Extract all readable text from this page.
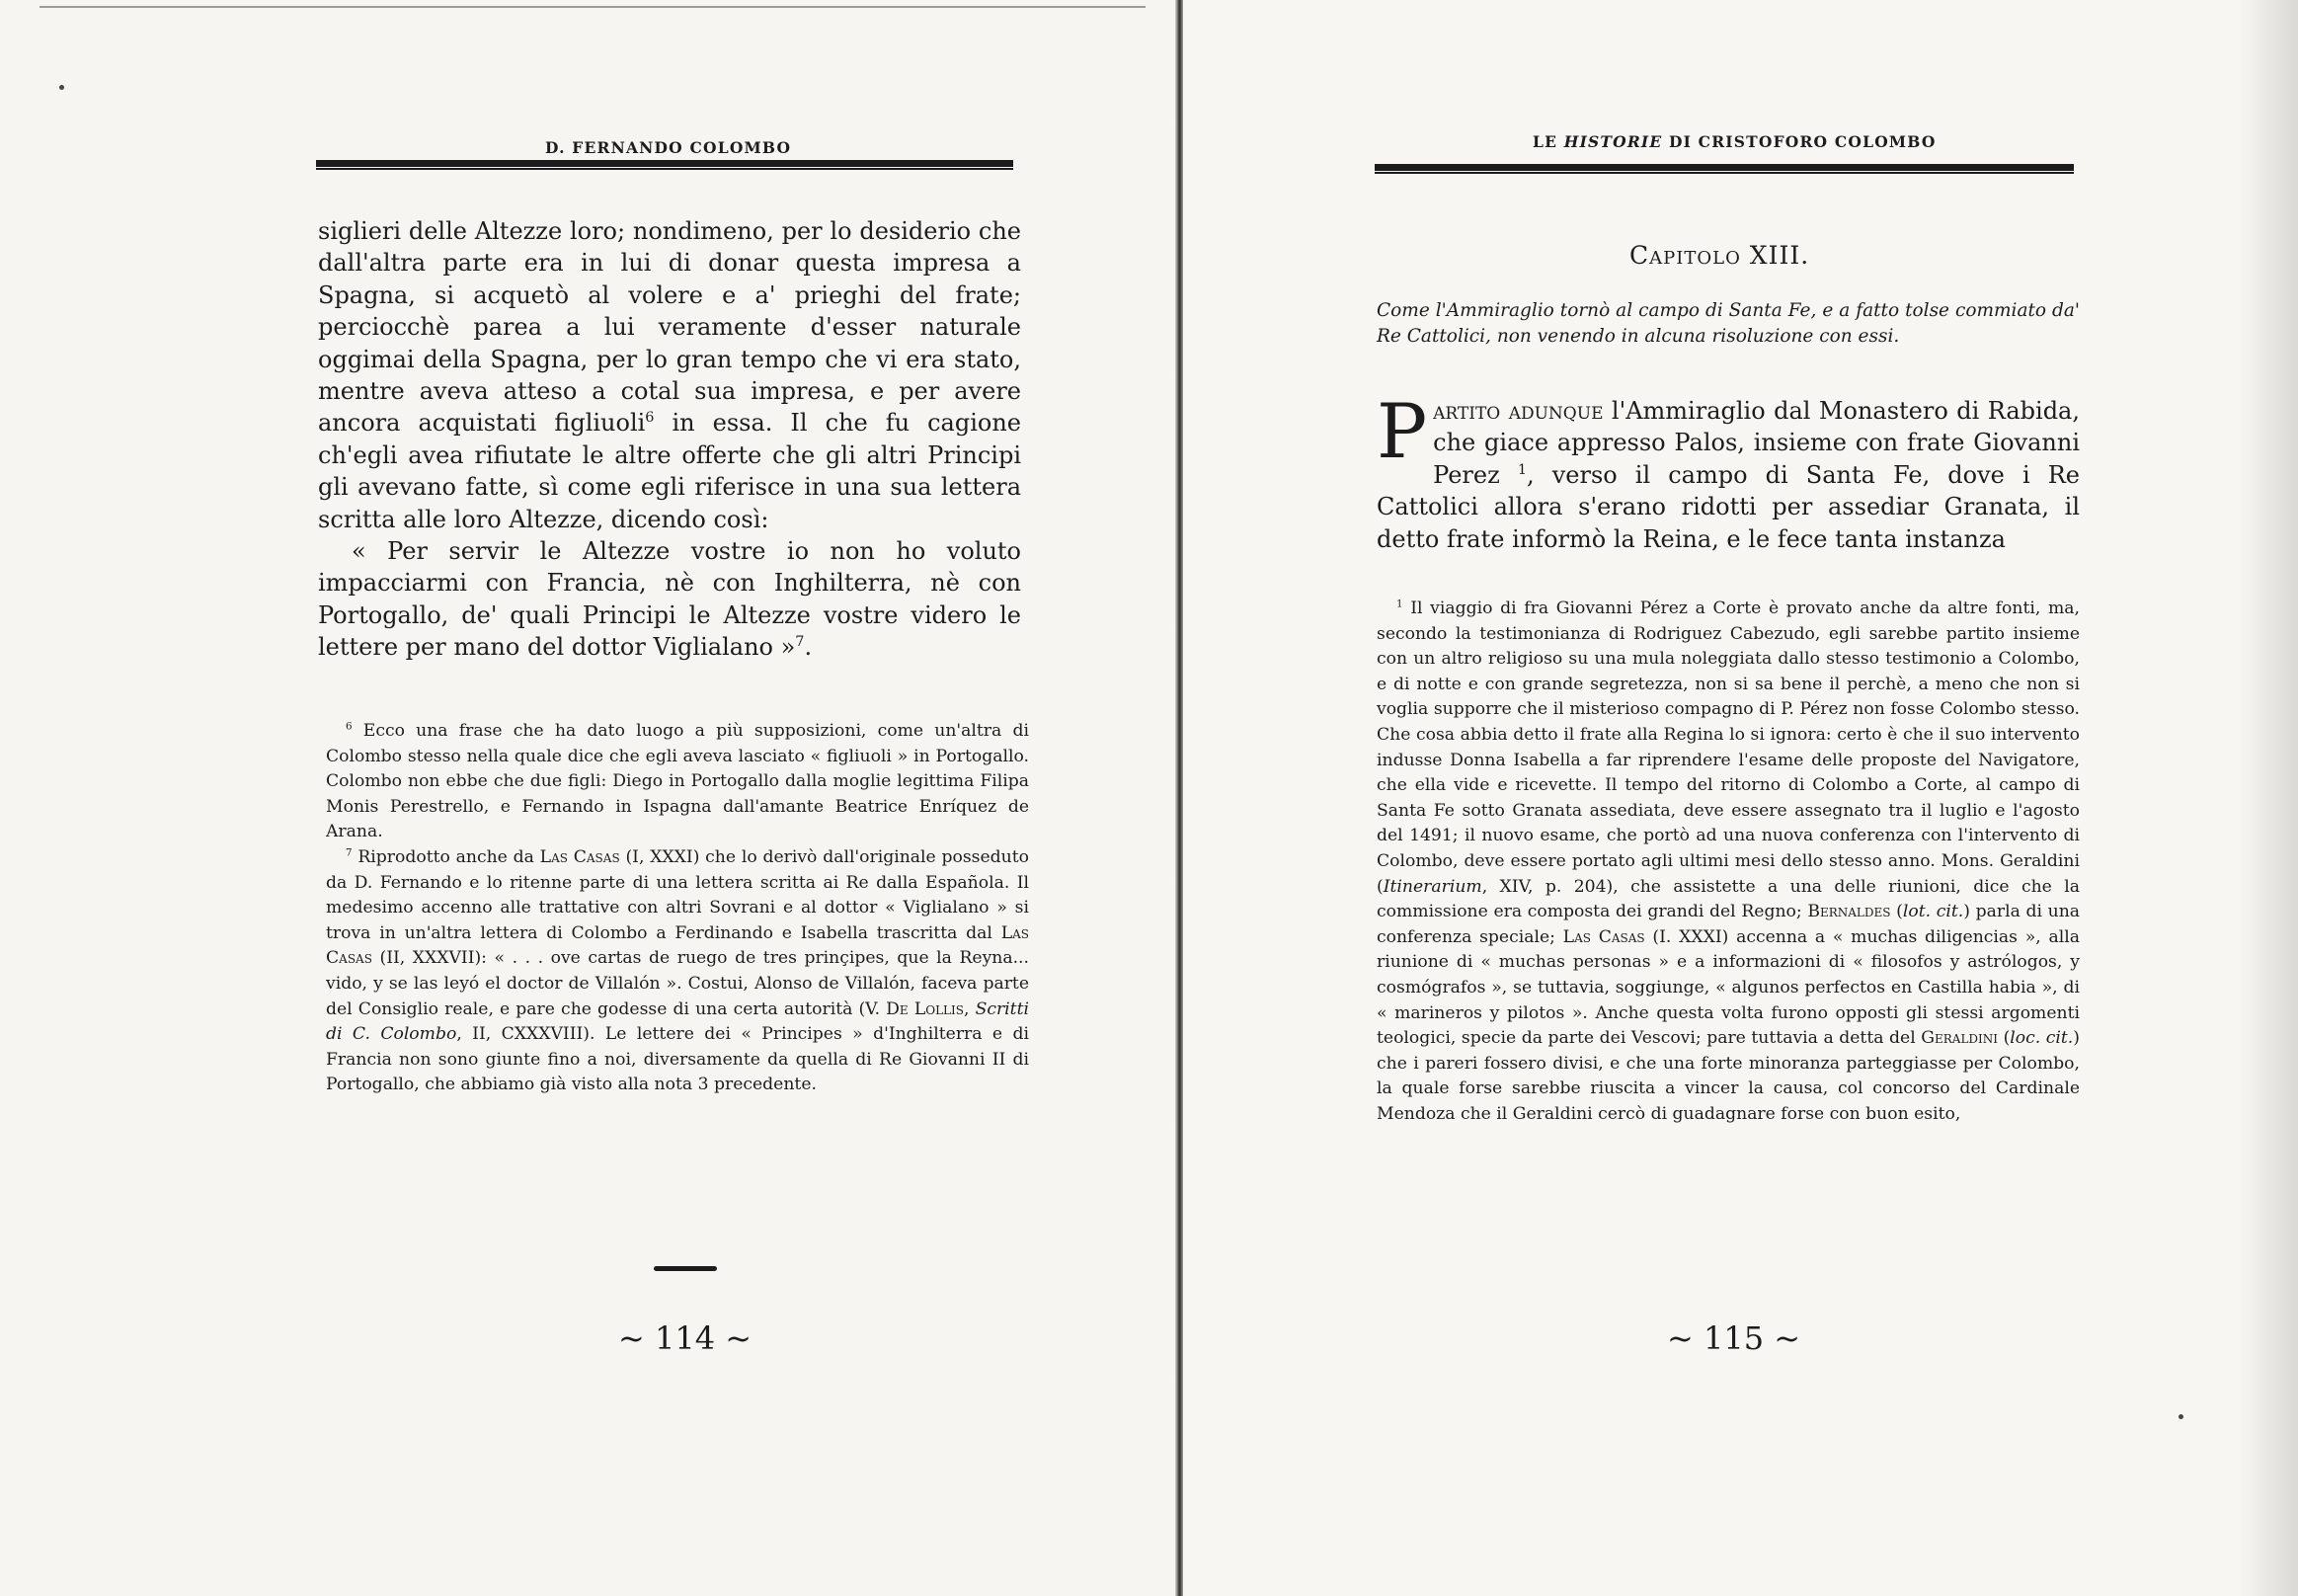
D. FERNANDO COLOMBO

siglieri delle Altezze loro; nondimeno, per lo desiderio che dall'altra parte era in lui di donar questa impresa a Spagna, si acquetò al volere e a' prieghi del frate; perciocchè parea a lui veramente d'esser naturale oggimai della Spagna, per lo gran tempo che vi era stato, mentre aveva atteso a cotal sua impresa, e per avere ancora acquistati figliuoli$^6$ in essa. Il che fu cagione ch'egli avea rifiutate le altre offerte che gli altri Principi gli avevano fatte, sì come egli riferisce in una sua lettera scritta alle loro Altezze, dicendo così:

« Per servir le Altezze vostre io non ho voluto impacciarmi con Francia, nè con Inghilterra, nè con Portogallo, de' quali Principi le Altezze vostre videro le lettere per mano del dottor Viglialano »$^7$.

$^6$ Ecco una frase che ha dato luogo a più supposizioni, come un'altra di Colombo stesso nella quale dice che egli aveva lasciato « figliuoli » in Portogallo. Colombo non ebbe che due figli: Diego in Portogallo dalla moglie legittima Filipa Monis Perestrello, e Fernando in Ispagna dall'amante Beatrice Enríquez de Arana.

$^7$ Riprodotto anche da Las Casas (I, XXXI) che lo derivò dall'originale posseduto da D. Fernando e lo ritenne parte di una lettera scritta ai Re dalla Española. Il medesimo accenno alle trattative con altri Sovrani e al dottor « Viglialano » si trova in un'altra lettera di Colombo a Ferdinando e Isabella trascritta dal Las Casas (II, XXXVII): « . . . ove cartas de ruego de tres prinçipes, que la Reyna... vido, y se las leyó el doctor de Villalón ». Costui, Alonso de Villalón, faceva parte del Consiglio reale, e pare che godesse di una certa autorità (V. De Lollis, Scritti di C. Colombo, II, CXXXVIII). Le lettere dei « Principes » d'Inghilterra e di Francia non sono giunte fino a noi, diversamente da quella di Re Giovanni II di Portogallo, che abbiamo già visto alla nota 3 precedente.

~ 114 ~
LE HISTORIE DI CRISTOFORO COLOMBO
Capitolo XIII.

Come l'Ammiraglio tornò al campo di Santa Fe, e a fatto tolse commiato da' Re Cattolici, non venendo in alcuna risoluzione con essi.

Partito adunque l'Ammiraglio dal Monastero di Rabida, che giace appresso Palos, insieme con frate Giovanni Perez $^1$, verso il campo di Santa Fe, dove i Re Cattolici allora s'erano ridotti per assediar Granata, il detto frate informò la Reina, e le fece tanta instanza

$^1$ Il viaggio di fra Giovanni Pérez a Corte è provato anche da altre fonti, ma, secondo la testimonianza di Rodriguez Cabezudo, egli sarebbe partito insieme con un altro religioso su una mula noleggiata dallo stesso testimonio a Colombo, e di notte e con grande segretezza, non si sa bene il perchè, a meno che non si voglia supporre che il misterioso compagno di P. Pérez non fosse Colombo stesso. Che cosa abbia detto il frate alla Regina lo si ignora: certo è che il suo intervento indusse Donna Isabella a far riprendere l'esame delle proposte del Navigatore, che ella vide e ricevette. Il tempo del ritorno di Colombo a Corte, al campo di Santa Fe sotto Granata assediata, deve essere assegnato tra il luglio e l'agosto del 1491; il nuovo esame, che portò ad una nuova conferenza con l'intervento di Colombo, deve essere portato agli ultimi mesi dello stesso anno. Mons. Geraldini (Itinerarium, XIV, p. 204), che assistette a una delle riunioni, dice che la commissione era composta dei grandi del Regno; Bernaldes (lot. cit.) parla di una conferenza speciale; Las Casas (I. XXXI) accenna a « muchas diligencias », alla riunione di « muchas personas » e a informazioni di « filosofos y astrólogos, y cosmógrafos », se tuttavia, soggiunge, « algunos perfectos en Castilla habia », di « marineros y pilotos ». Anche questa volta furono opposti gli stessi argomenti teologici, specie da parte dei Vescovi; pare tuttavia a detta del Geraldini (loc. cit.) che i pareri fossero divisi, e che una forte minoranza parteggiasse per Colombo, la quale forse sarebbe riuscita a vincer la causa, col concorso del Cardinale Mendoza che il Geraldini cercò di guadagnare forse con buon esito,

~ 115 ~
